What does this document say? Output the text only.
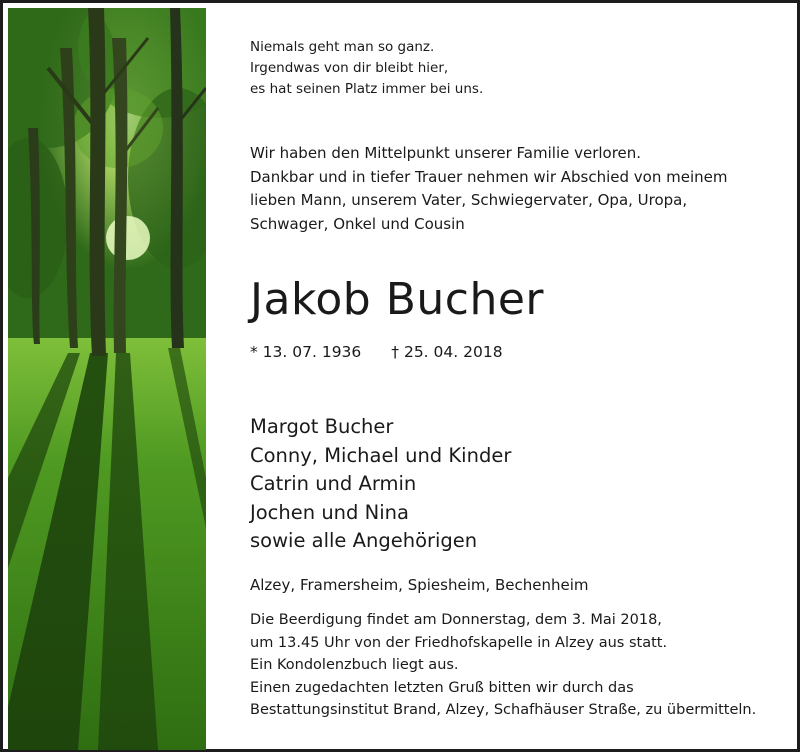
Niemals geht man so ganz.
Irgendwas von dir bleibt hier,
es hat seinen Platz immer bei uns.
Wir haben den Mittelpunkt unserer Familie verloren.
Dankbar und in tiefer Trauer nehmen wir Abschied von meinem
lieben Mann, unserem Vater, Schwiegervater, Opa, Uropa,
Schwager, Onkel und Cousin
Jakob Bucher
* 13. 07. 1936 † 25. 04. 2018
Margot Bucher
Conny, Michael und Kinder
Catrin und Armin
Jochen und Nina
sowie alle Angehörigen
Alzey, Framersheim, Spiesheim, Bechenheim
Die Beerdigung findet am Donnerstag, dem 3. Mai 2018,
um 13.45 Uhr von der Friedhofskapelle in Alzey aus statt.
Ein Kondolenzbuch liegt aus.
Einen zugedachten letzten Gruß bitten wir durch das
Bestattungsinstitut Brand, Alzey, Schafhäuser Straße, zu übermitteln.
